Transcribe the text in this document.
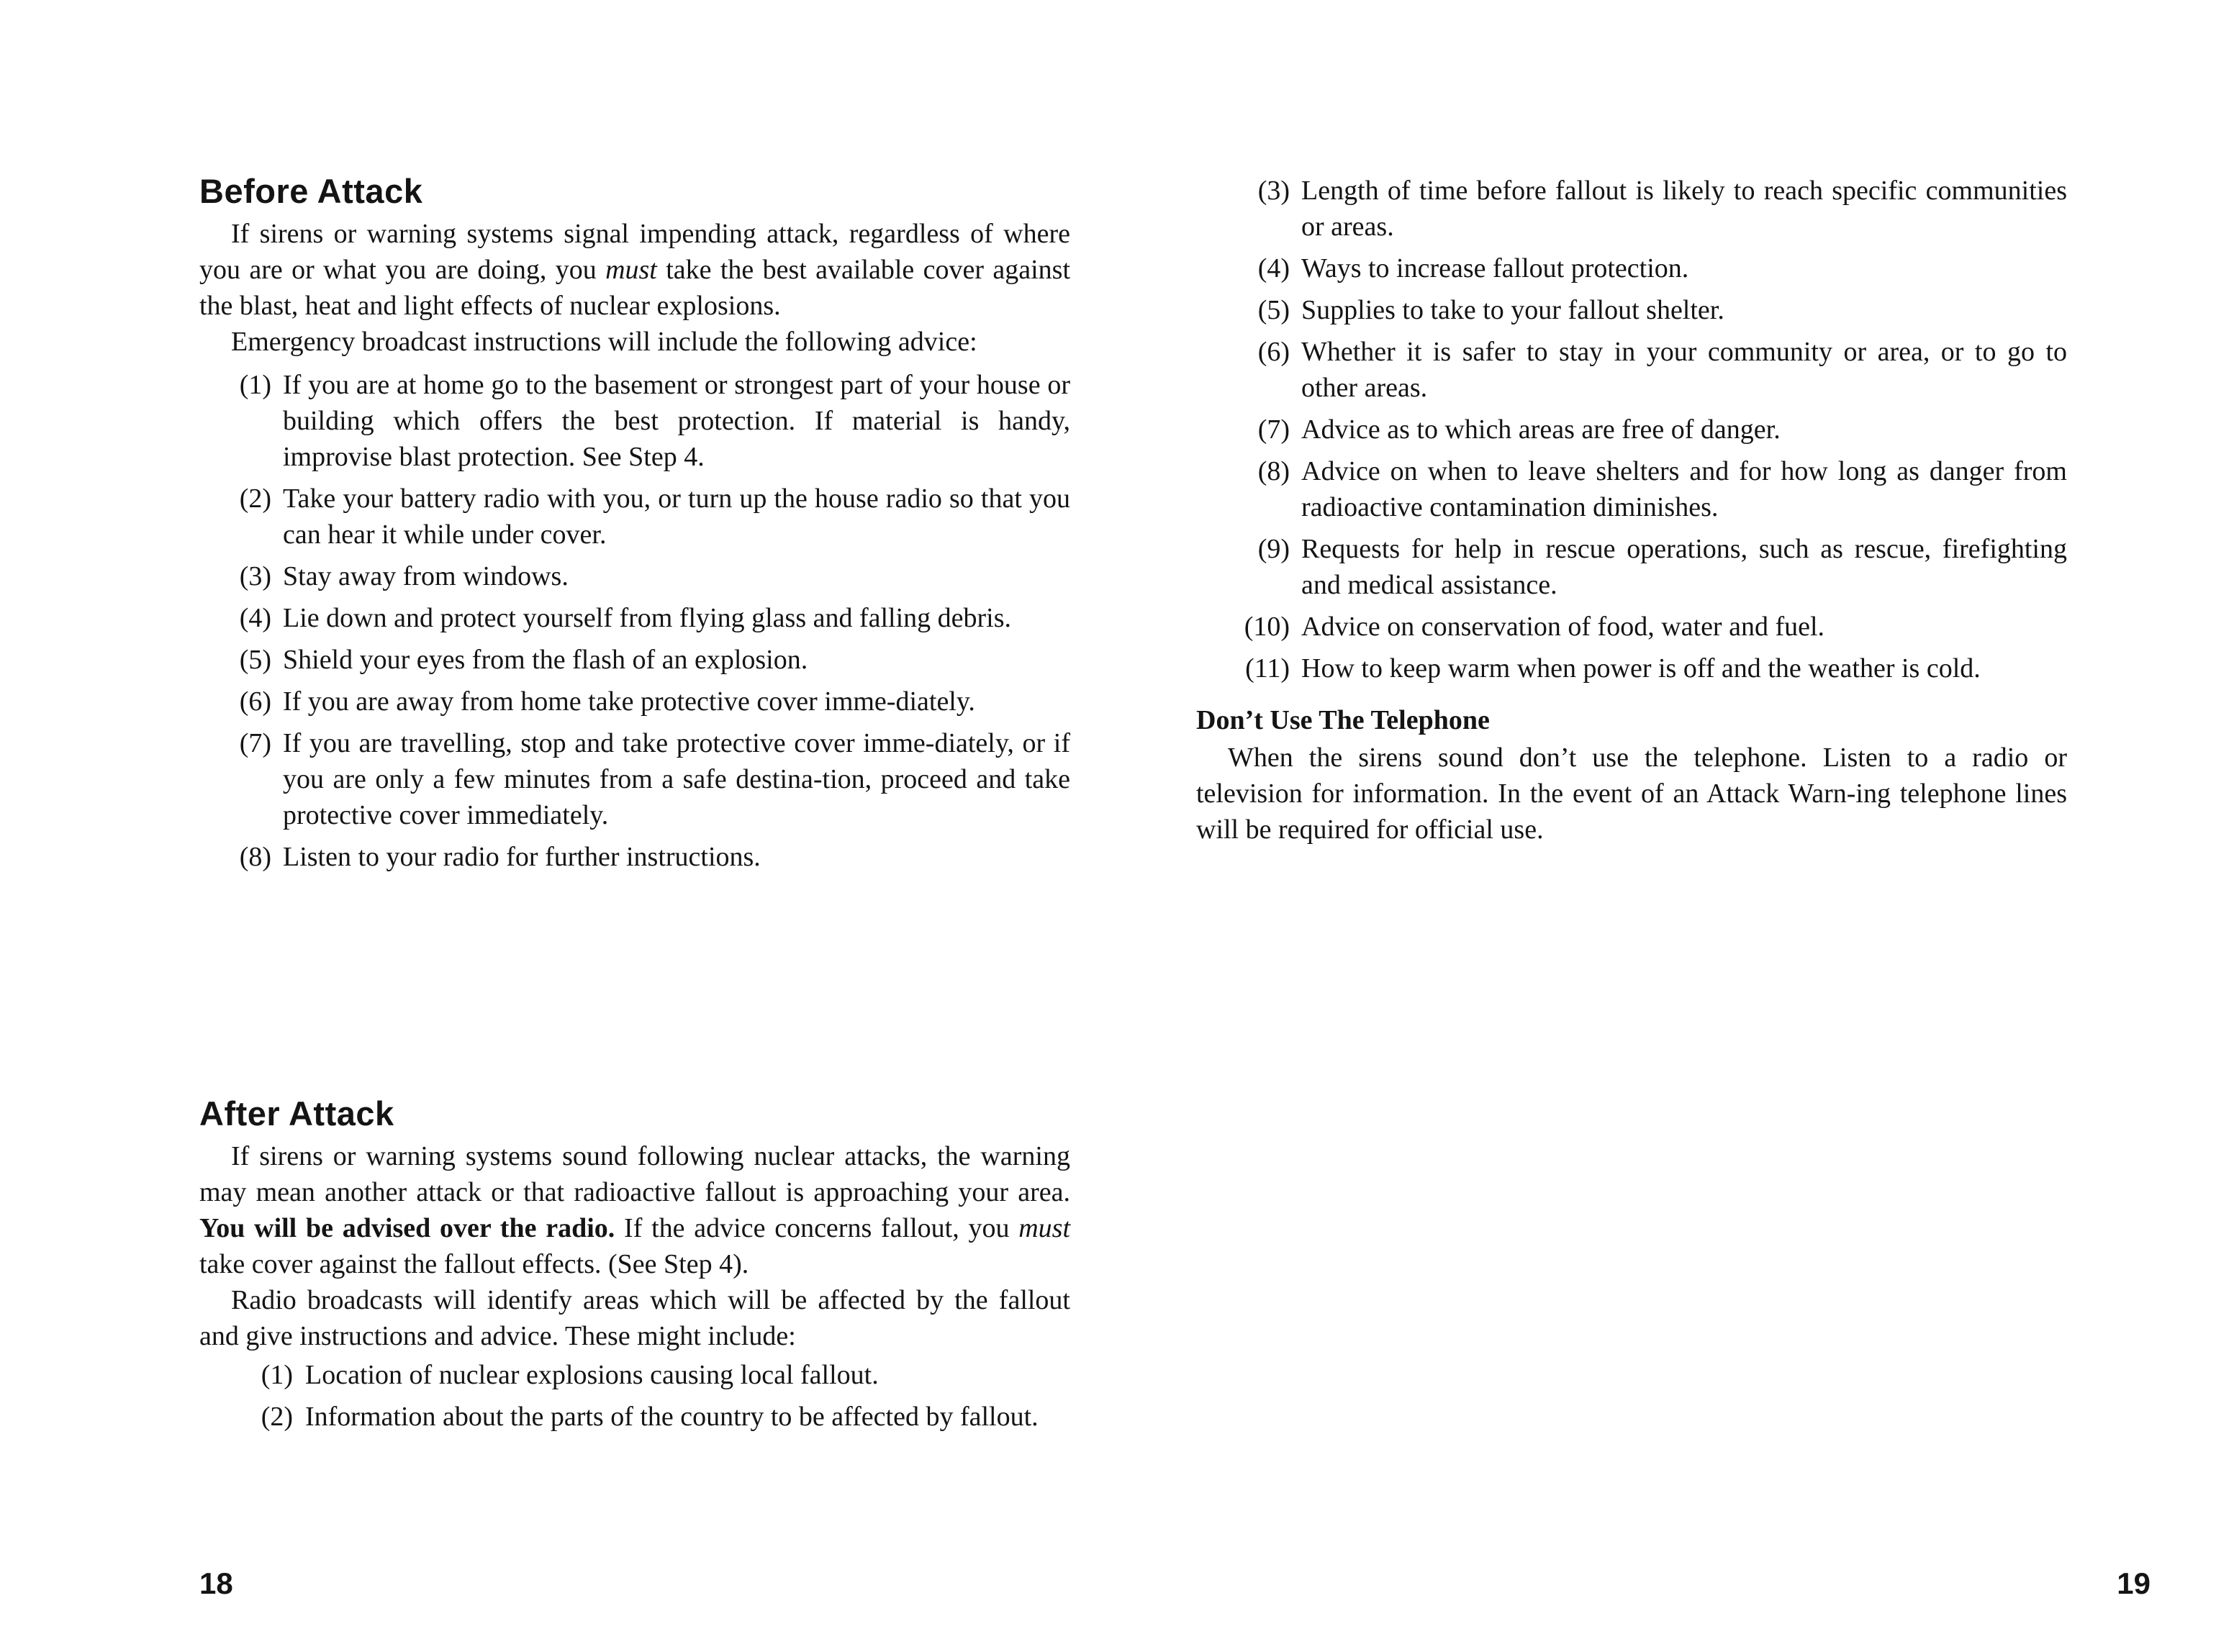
Before Attack

If sirens or warning systems signal impending attack, regardless of where you are or what you are doing, you must take the best available cover against the blast, heat and light effects of nuclear explosions.

Emergency broadcast instructions will include the following advice:

(1) If you are at home go to the basement or strongest part of your house or building which offers the best protection. If material is handy, improvise blast protection. See Step 4.
(2) Take your battery radio with you, or turn up the house radio so that you can hear it while under cover.
(3) Stay away from windows.
(4) Lie down and protect yourself from flying glass and falling debris.
(5) Shield your eyes from the flash of an explosion.
(6) If you are away from home take protective cover imme-diately.
(7) If you are travelling, stop and take protective cover imme-diately, or if you are only a few minutes from a safe destina-tion, proceed and take protective cover immediately.
(8) Listen to your radio for further instructions.
After Attack

If sirens or warning systems sound following nuclear attacks, the warning may mean another attack or that radioactive fallout is approaching your area. You will be advised over the radio. If the advice concerns fallout, you must take cover against the fallout effects. (See Step 4).

Radio broadcasts will identify areas which will be affected by the fallout and give instructions and advice. These might include:

(1) Location of nuclear explosions causing local fallout.
(2) Information about the parts of the country to be affected by fallout.
18
(3) Length of time before fallout is likely to reach specific communities or areas.
(4) Ways to increase fallout protection.
(5) Supplies to take to your fallout shelter.
(6) Whether it is safer to stay in your community or area, or to go to other areas.
(7) Advice as to which areas are free of danger.
(8) Advice on when to leave shelters and for how long as danger from radioactive contamination diminishes.
(9) Requests for help in rescue operations, such as rescue, firefighting and medical assistance.
(10) Advice on conservation of food, water and fuel.
(11) How to keep warm when power is off and the weather is cold.
Don’t Use The Telephone

When the sirens sound don’t use the telephone. Listen to a radio or television for information. In the event of an Attack Warn-ing telephone lines will be required for official use.

19
